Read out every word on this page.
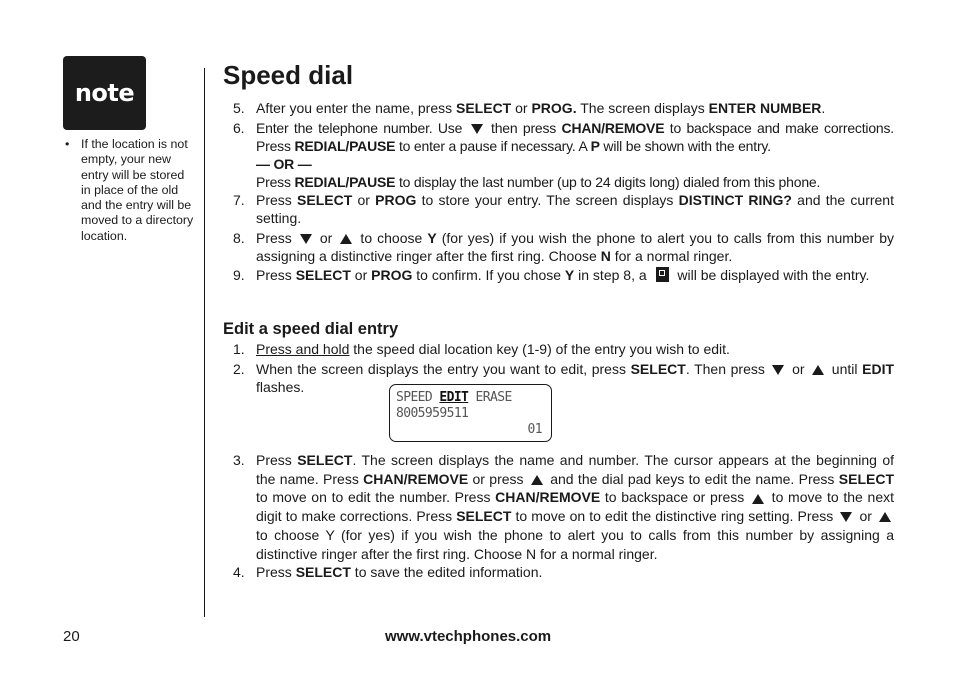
note
• If the location is not empty, your new entry will be stored in place of the old and the entry will be moved to a directory location.
Speed dial
5. After you enter the name, press SELECT or PROG. The screen displays ENTER NUMBER.
6. Enter the telephone number. Use  then press CHAN/REMOVE to backspace and make corrections. Press REDIAL/PAUSE to enter a pause if necessary. A P will be shown with the entry.
— OR —
Press REDIAL/PAUSE to display the last number (up to 24 digits long) dialed from this phone.
7. Press SELECT or PROG to store your entry. The screen displays DISTINCT RING? and the current setting.
8. Press  or  to choose Y (for yes) if you wish the phone to alert you to calls from this number by assigning a distinctive ringer after the first ring. Choose N for a normal ringer.
9. Press SELECT or PROG to confirm. If you chose Y in step 8, a  will be displayed with the entry.
Edit a speed dial entry
1. Press and hold the speed dial location key (1-9) of the entry you wish to edit.
2. When the screen displays the entry you want to edit, press SELECT. Then press  or  until EDIT flashes.
SPEED EDIT ERASE
8005959511
01
3. Press SELECT. The screen displays the name and number. The cursor appears at the beginning of the name. Press CHAN/REMOVE or press  and the dial pad keys to edit the name. Press SELECT to move on to edit the number. Press CHAN/REMOVE to backspace or press  to move to the next digit to make corrections. Press SELECT to move on to edit the distinctive ring setting. Press  or  to choose Y (for yes) if you wish the phone to alert you to calls from this number by assigning a distinctive ringer after the first ring. Choose N for a normal ringer.
4. Press SELECT to save the edited information.
20	www.vtechphones.com
